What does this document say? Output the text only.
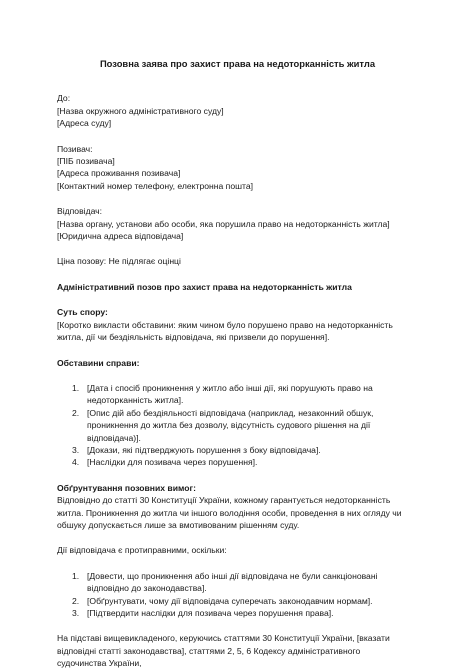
Позовна заява про захист права на недоторканність житла
До:
[Назва окружного адміністративного суду]
[Адреса суду]
Позивач:
[ПІБ позивача]
[Адреса проживання позивача]
[Контактний номер телефону, електронна пошта]
Відповідач:
[Назва органу, установи або особи, яка порушила право на недоторканність житла]
[Юридична адреса відповідача]
Ціна позову: Не підлягає оцінці
Адміністративний позов про захист права на недоторканність житла
Суть спору:
[Коротко викласти обставини: яким чином було порушено право на недоторканність
житла, дії чи бездіяльність відповідача, які призвели до порушення].
Обставини справи:
1. [Дата і спосіб проникнення у житло або інші дії, які порушують право на
недоторканність житла].
2. [Опис дій або бездіяльності відповідача (наприклад, незаконний обшук,
проникнення до житла без дозволу, відсутність судового рішення на дії
відповідача)].
3. [Докази, які підтверджують порушення з боку відповідача].
4. [Наслідки для позивача через порушення].
Обґрунтування позовних вимог:
Відповідно до статті 30 Конституції України, кожному гарантується недоторканність
житла. Проникнення до житла чи іншого володіння особи, проведення в них огляду чи
обшуку допускається лише за вмотивованим рішенням суду.
Дії відповідача є протиправними, оскільки:
1. [Довести, що проникнення або інші дії відповідача не були санкціоновані
відповідно до законодавства].
2. [Обґрунтувати, чому дії відповідача суперечать законодавчим нормам].
3. [Підтвердити наслідки для позивача через порушення права].
На підставі вищевикладеного, керуючись статтями 30 Конституції України, [вказати
відповідні статті законодавства], статтями 2, 5, 6 Кодексу адміністративного
судочинства України,
